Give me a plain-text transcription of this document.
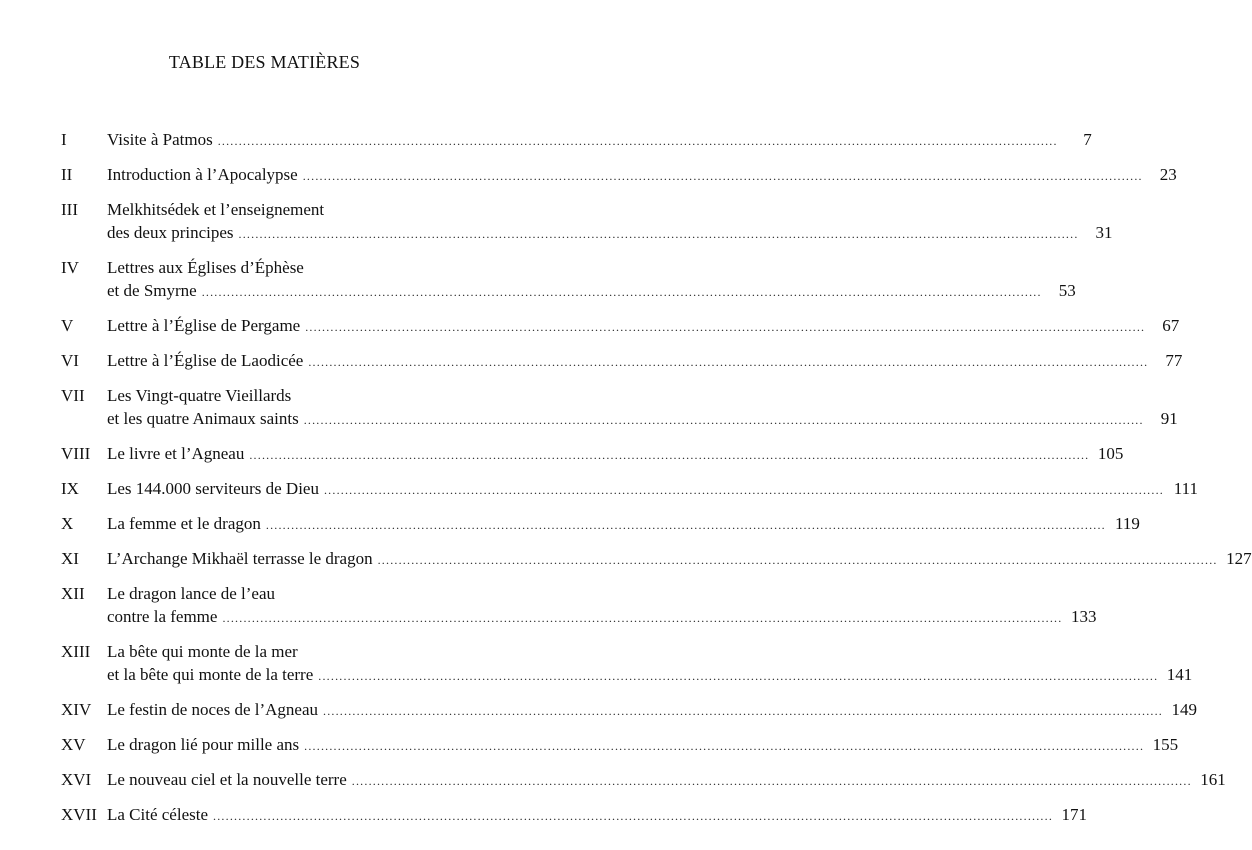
TABLE DES MATIÈRES
I	Visite à Patmos ........................................................................................................................................................................................................	7
II	Introduction à l’Apocalypse ........................................................................................................................................................................................................	23
III	Melkhitsédek et l’enseignement
des deux principes ........................................................................................................................................................................................................	31
IV	Lettres aux Églises d’Éphèse
et de Smyrne ........................................................................................................................................................................................................	53
V	Lettre à l’Église de Pergame ........................................................................................................................................................................................................	67
VI	Lettre à l’Église de Laodicée ........................................................................................................................................................................................................	77
VII	Les Vingt-quatre Vieillards
et les quatre Animaux saints ........................................................................................................................................................................................................	91
VIII Le livre et l’Agneau ........................................................................................................................................................................................................ 105
IX	Les 144.000 serviteurs de Dieu ........................................................................................................................................................................................................ 111
X	La femme et le dragon ........................................................................................................................................................................................................ 119
XI	L’Archange Mikhaël terrasse le dragon ........................................................................................................................................................................................................ 127
XII	Le dragon lance de l’eau
contre la femme ........................................................................................................................................................................................................ 133
XIII La bête qui monte de la mer
et la bête qui monte de la terre ........................................................................................................................................................................................................ 141
XIV Le festin de noces de l’Agneau ........................................................................................................................................................................................................ 149
XV	Le dragon lié pour mille ans ........................................................................................................................................................................................................ 155
XVI Le nouveau ciel et la nouvelle terre ........................................................................................................................................................................................................ 161
XVII La Cité céleste ........................................................................................................................................................................................................ 171
